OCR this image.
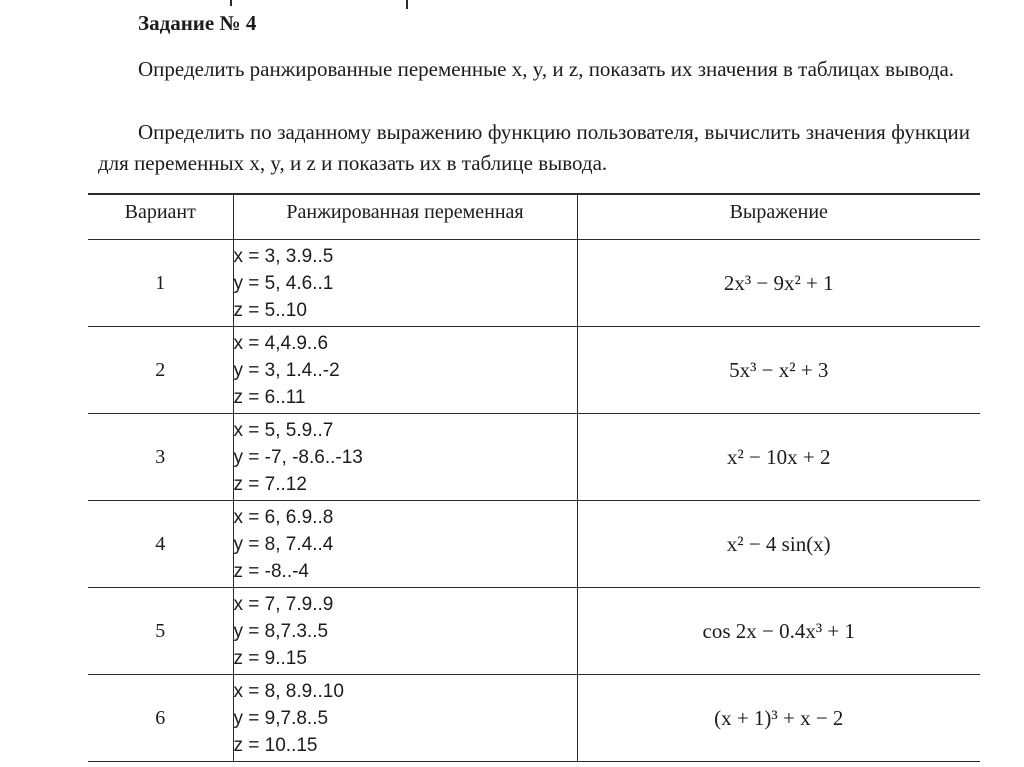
Задание № 4

Определить ранжированные переменные x, y, и z, показать их значения в таблицах вывода.

Определить по заданному выражению функцию пользователя, вычислить значения функции для переменных x, y, и z и показать их в таблице вывода.

Вариант	Ранжированная переменная	Выражение
1	x = 3, 3.9..5
y = 5, 4.6..1
z = 5..10	2x³ − 9x² + 1
2	x = 4,4.9..6
y = 3, 1.4..-2
z = 6..11	5x³ − x² + 3
3	x = 5, 5.9..7
y = -7, -8.6..-13
z = 7..12	x² − 10x + 2
4	x = 6, 6.9..8
y = 8, 7.4..4
z = -8..-4	x² − 4 sin(x)
5	x = 7, 7.9..9
y = 8,7.3..5
z = 9..15	cos 2x − 0.4x³ + 1
6	x = 8, 8.9..10
y = 9,7.8..5
z = 10..15	(x + 1)³ + x − 2
